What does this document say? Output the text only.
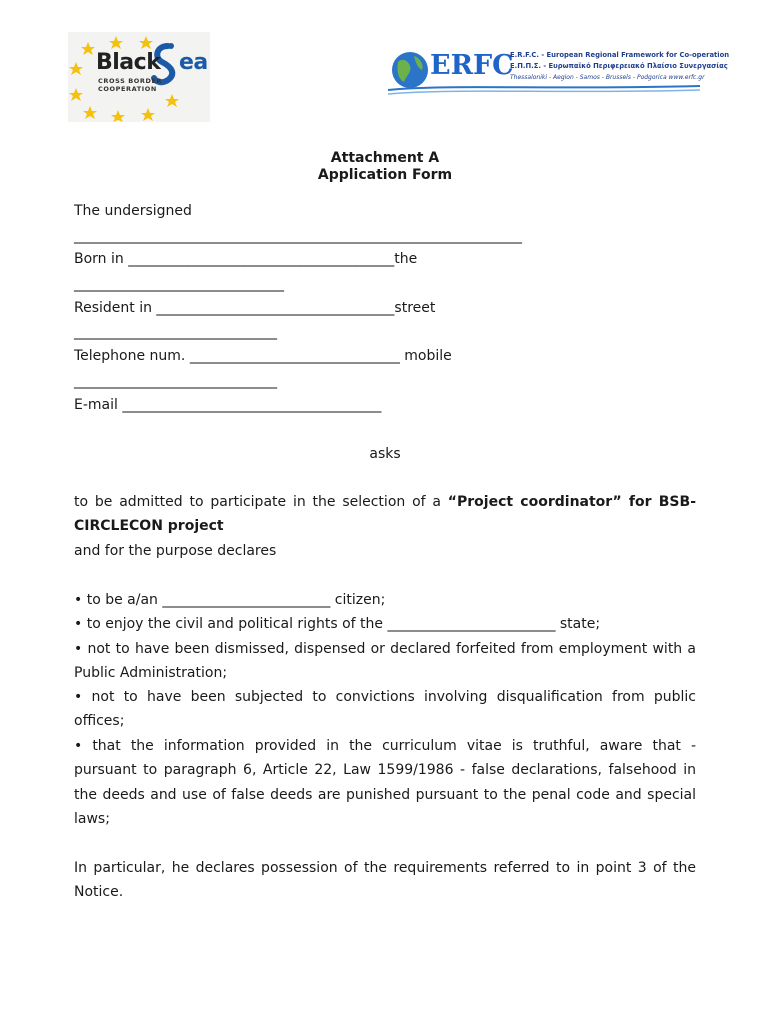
Black ea
CROSS BORDER
COOPERATION
ERFC
E.R.F.C. - European Regional Framework for Co-operation
Ε.Π.Π.Σ. - Ευρωπαϊκό Περιφερειακό Πλαίσιο Συνεργασίας
Thessaloniki - Aegion - Samos - Brussels - Podgorica www.erfc.gr
Attachment A
Application Form
The undersigned
________________________________________________________________
Born in ______________________________________the
______________________________
Resident in __________________________________street
_____________________________
Telephone num. ______________________________ mobile
_____________________________
E-mail _____________________________________
asks
to be admitted to participate in the selection of a “Project coordinator” for BSB-
CIRCLECON project
and for the purpose declares
• to be a/an ________________________ citizen;
• to enjoy the civil and political rights of the ________________________ state;
• not to have been dismissed, dispensed or declared forfeited from employment with a
Public Administration;
• not to have been subjected to convictions involving disqualification from public
offices;
• that the information provided in the curriculum vitae is truthful, aware that -
pursuant to paragraph 6, Article 22, Law 1599/1986 - false declarations, falsehood in
the deeds and use of false deeds are punished pursuant to the penal code and special
laws;
In particular, he declares possession of the requirements referred to in point 3 of the
Notice.
